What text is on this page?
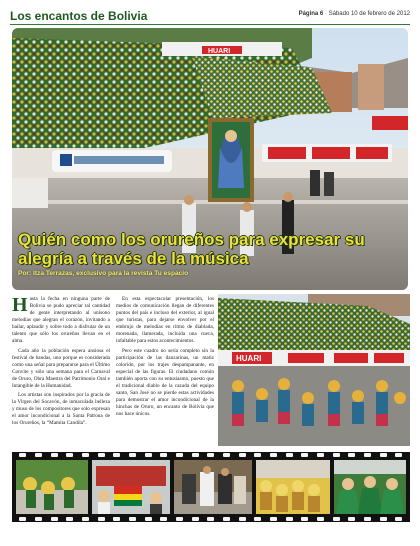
Los encantos de Bolivia	Página 6 · Sábado 10 de febrero de 2012
HUARI
Quién como los orureños para expresar su alegría a través de la música
Por: Itza Terrazas, exclusivo para la revista Tu espacio

Hasta la fecha en ninguna parte de Bolivia se pudo apreciar tal cantidad de gente interpretando al unísono melodías que alegran el corazón, invitando a bailar, aplaudir y sobre todo a disfrutar de un talento que sólo los orureños llevan en el alma.

Cada año la población espera ansiosa el festival de bandas, uno porque es considerada como una señal para prepararse para el Último Convite y sólo una semana para el Carnaval de Oruro, Obra Maestra del Patrimonio Oral e Intangible de la Humanidad.

Los artistas son inspirados por la gracia de la Virgen del Socavón, de inmaculada belleza y muso de los compositores que solo expresan el amor incondicional a la Santa Patrona de los Orureños, la “Mamita Candila”.

En esta espectacular presentación, los medios de comunicación llegan de diferentes puntos del país e incluso del exterior, al igual que turistas, para dejarse envolver por el embrujo de melodías en ritmo de diablada, morenada, llamerada, incluida una cueca, infaltable para estos acontecimientos.

Pero este cuadro no sería completo sin la participación de las danzarinas, un matiz colorido, por los trajes despampanante, en especial de las figuras. El ciudadano común también aporta con su entusiasmo, puesto que el tradicional diablo de la cazada del equipo santo, San José no se pierde estas actividades para demostrar el amor incondicional de la hinchas de Oruro, un encanto de Bolivia que nos hace únicos.

HUARI
